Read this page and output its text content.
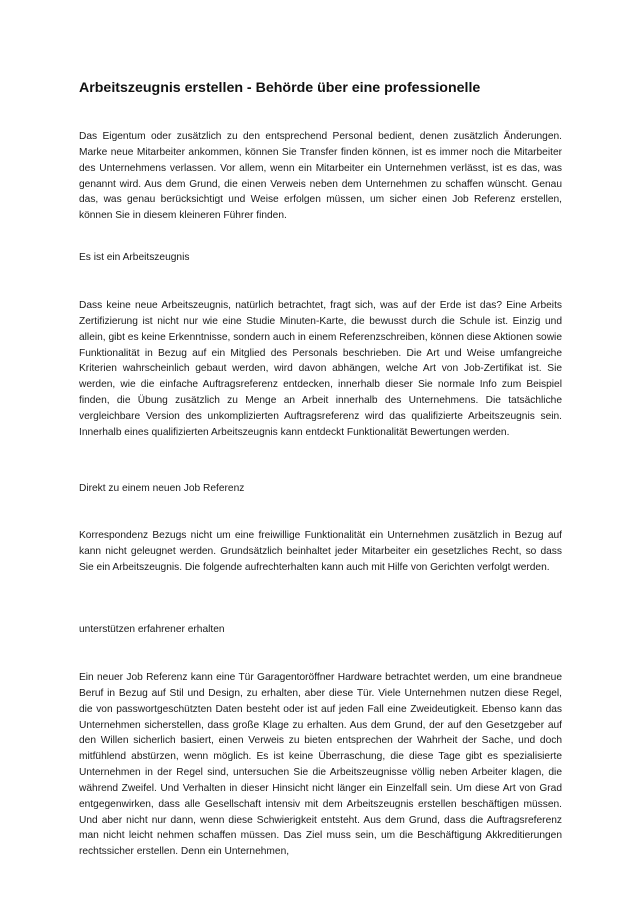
Arbeitszeugnis erstellen - Behörde über eine professionelle

Das Eigentum oder zusätzlich zu den entsprechend Personal bedient, denen zusätzlich Änderungen. Marke neue Mitarbeiter ankommen, können Sie Transfer finden können, ist es immer noch die Mitarbeiter des Unternehmens verlassen. Vor allem, wenn ein Mitarbeiter ein Unternehmen verlässt, ist es das, was genannt wird. Aus dem Grund, die einen Verweis neben dem Unternehmen zu schaffen wünscht. Genau das, was genau berücksichtigt und Weise erfolgen müssen, um sicher einen Job Referenz erstellen, können Sie in diesem kleineren Führer finden.

Es ist ein Arbeitszeugnis

Dass keine neue Arbeitszeugnis, natürlich betrachtet, fragt sich, was auf der Erde ist das? Eine Arbeits Zertifizierung ist nicht nur wie eine Studie Minuten-Karte, die bewusst durch die Schule ist. Einzig und allein, gibt es keine Erkenntnisse, sondern auch in einem Referenzschreiben, können diese Aktionen sowie Funktionalität in Bezug auf ein Mitglied des Personals beschrieben. Die Art und Weise umfangreiche Kriterien wahrscheinlich gebaut werden, wird davon abhängen, welche Art von Job-Zertifikat ist. Sie werden, wie die einfache Auftragsreferenz entdecken, innerhalb dieser Sie normale Info zum Beispiel finden, die Übung zusätzlich zu Menge an Arbeit innerhalb des Unternehmens. Die tatsächliche vergleichbare Version des unkomplizierten Auftragsreferenz wird das qualifizierte Arbeitszeugnis sein. Innerhalb eines qualifizierten Arbeitszeugnis kann entdeckt Funktionalität Bewertungen werden.

Direkt zu einem neuen Job Referenz

Korrespondenz Bezugs nicht um eine freiwillige Funktionalität ein Unternehmen zusätzlich in Bezug auf kann nicht geleugnet werden. Grundsätzlich beinhaltet jeder Mitarbeiter ein gesetzliches Recht, so dass Sie ein Arbeitszeugnis. Die folgende aufrechterhalten kann auch mit Hilfe von Gerichten verfolgt werden.

unterstützen erfahrener erhalten

Ein neuer Job Referenz kann eine Tür Garagentoröffner Hardware betrachtet werden, um eine brandneue Beruf in Bezug auf Stil und Design, zu erhalten, aber diese Tür. Viele Unternehmen nutzen diese Regel, die von passwortgeschützten Daten besteht oder ist auf jeden Fall eine Zweideutigkeit. Ebenso kann das Unternehmen sicherstellen, dass große Klage zu erhalten. Aus dem Grund, der auf den Gesetzgeber auf den Willen sicherlich basiert, einen Verweis zu bieten entsprechen der Wahrheit der Sache, und doch mitfühlend abstürzen, wenn möglich. Es ist keine Überraschung, die diese Tage gibt es spezialisierte Unternehmen in der Regel sind, untersuchen Sie die Arbeitszeugnisse völlig neben Arbeiter klagen, die während Zweifel. Und Verhalten in dieser Hinsicht nicht länger ein Einzelfall sein. Um diese Art von Grad entgegenwirken, dass alle Gesellschaft intensiv mit dem Arbeitszeugnis erstellen beschäftigen müssen. Und aber nicht nur dann, wenn diese Schwierigkeit entsteht. Aus dem Grund, dass die Auftragsreferenz man nicht leicht nehmen schaffen müssen. Das Ziel muss sein, um die Beschäftigung Akkreditierungen rechtssicher erstellen. Denn ein Unternehmen,
